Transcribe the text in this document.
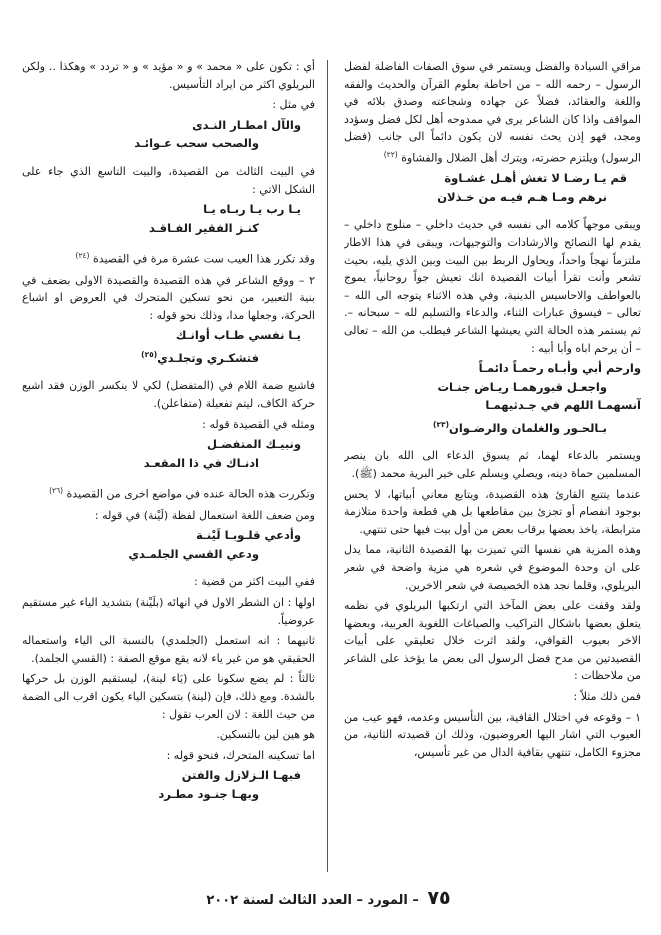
مراقي السيادة والفضل ويستمر في سوق الصفات الفاضلة لفضل الرسول – رحمه الله – من احاطة بعلوم القرآن والحديث والفقه واللغة والعقائد، فضلاً عن جهاده وشجاعته وصدق بلائه في المواقف واذا كان الشاعر يرى في ممدوحه أهل لكل فضل وسؤدد ومجد، فهو إذن يحث نفسه لان يكون دائماً الى جانب (فضل الرسول) ويلتزم حضرته، ويترك أهل الضلال والفشاوة $^{(٢٢)}$

قم يـا رضـا لا تغش أهـل غشـاوة
نرهم ومـا هـم فيـه من خـذلان

ويبقى موجهاً كلامه الى نفسه في حديث داخلي – منلوج داخلي – يقدم لها النصائح والارشادات والتوجيهات، ويبقى في هذا الاطار ملتزماً نهجاً واحداً، ويحاول الربط بين البيت وبين الذي يليه، بحيث تشعر وأنت تقرأ أبيات القصيدة انك تعيش جواً روحانياً، يموج بالعواطف والاحاسيس الدينية، وفي هذه الاثناء يتوجه الى الله – تعالى – فيسوق عبارات الثناء، والدعاء والتسليم لله – سبحانه –. ثم يستمر هذه الحالة التي يعيشها الشاعر فيطلب من الله – تعالى – أن يرحم اباه وأبا أبيه :

وارحم أبي وأبـاه رحمـاً دائمـاً
واجعـل قبورهمـا ريـاض جنـات
آنسهمـا اللهم في جـدثيهمـا
بـالحـور والغلمان والرضـوان$^{(٢٣)}$

ويستمر بالدعاء لهما، ثم يسوق الدعاء الى الله بان ينصر المسلمين حماة دينه، ويصلي ويسلم على خير البرية محمد (ﷺ).

عندما يتتبع القارئ هذه القصيدة، ويتابع معاني أبياتها، لا يحس بوجود انفصام أو تجزئ بين مقاطعها بل هي قطعة واحدة متلازمة مترابطة، ياخذ بعضها برقاب بعض من أول بيت فيها حتى تنتهي.

وهذه المزية هي نفسها التي تميزت بها القصيدة الثانية، مما يدل على ان وحدة الموضوع في شعره هي مزية واضحة في شعر البريلوي، وقلما نجد هذه الخصيصة في شعر الاخرين.

ولقد وقفت على بعض المآخذ التي ارتكبها البريلوي في نظمه يتعلق بعضها باشكال التراكيب والصياغات اللغوية العربية، وبعضها الاخر بعيوب القوافي، ولقد اثرت خلال تعليقي على أبيات القصيدتين من مدح فضل الرسول الى بعض ما يؤخذ على الشاعر من ملاحظات :

فمن ذلك مثلاً :

١ – وقوعه في اختلال القافية، بين التأسيس وعدمه، فهو عيب من العيوب التي اشار اليها العروضيون، وذلك ان قصيدته الثانية، من مجزوء الكامل، تنتهي بقافية الدال من غير تأسيس،

أي : تكون على « محمد » و « مؤيد » و « تردد » وهكذا .. ولكن البريلوي اكثر من ايراد التأسيس.

في مثل :

والآل امطـار النـدى
والصحب سحب عـوائـد

في البيت الثالث من القصيدة، والبيت التاسع الذي جاء على الشكل الاتي :

يـا رب يـا ربـاه يـا
كنـز الفقير الفـاقـد

وقد تكرر هذا العيب ست عشرة مرة في القصيدة $^{(٢٤)}$

٢ – ووقع الشاعر في هذه القصيدة والقصيدة الاولى بضعف في بنية التعبير، من نحو تسكين المتحرك في العروض او اشباع الحركة، وجعلها مدا، وذلك نحو قوله :

يـا نفسي طـاب أوانـك
فتشكـري وتجلـدي$^{(٢٥)}$

فاشبع ضمة اللام في (المتفضل) لكي لا ينكسر الوزن فقد اشبع حركة الكاف، ليتم تفعيلة (متفاعلن).

ومثله في القصيدة قوله :

ونبيـك المتفضـل
ادنـاك في ذا المقعـد

وتكررت هذه الحالة عنده في مواضع اخرى من القصيدة $^{(٢٦)}$

ومن ضعف اللغة استعمال لفظة (لَيْنة) في قوله :

وأدعي قلـوبـا لَيْنـة
ودعي القسي الجلمـدي

ففي البيت اكثر من قضية :

اولها : ان الشطر الاول في انهائه (بلَيْنة) بتشديد الياء غير مستقيم عروضياً.

ثانيهما : انه استعمل (الجلمدي) بالنسبة الى الياء واستعماله الحقيقي هو من غير ياء لانه يقع موقع الصفة : (القسي الجلمد).

ثالثاً : لم يضع سكونا على (يَاء لينة)، ليستقيم الوزن بل حركها بالشدة. ومع ذلك، فإن (لينة) بتسكين الياء يكون اقرب الى الضمة من حيث اللغة : لان العرب تقول :

هو هين لين بالتسكين.

اما تسكينه المتحرك، فنحو قوله :

فبهـا الـزلازل والفتن
وبهـا جنـود مطـرد
٧٥ – المورد – العدد الثالث لسنة ٢٠٠٢
